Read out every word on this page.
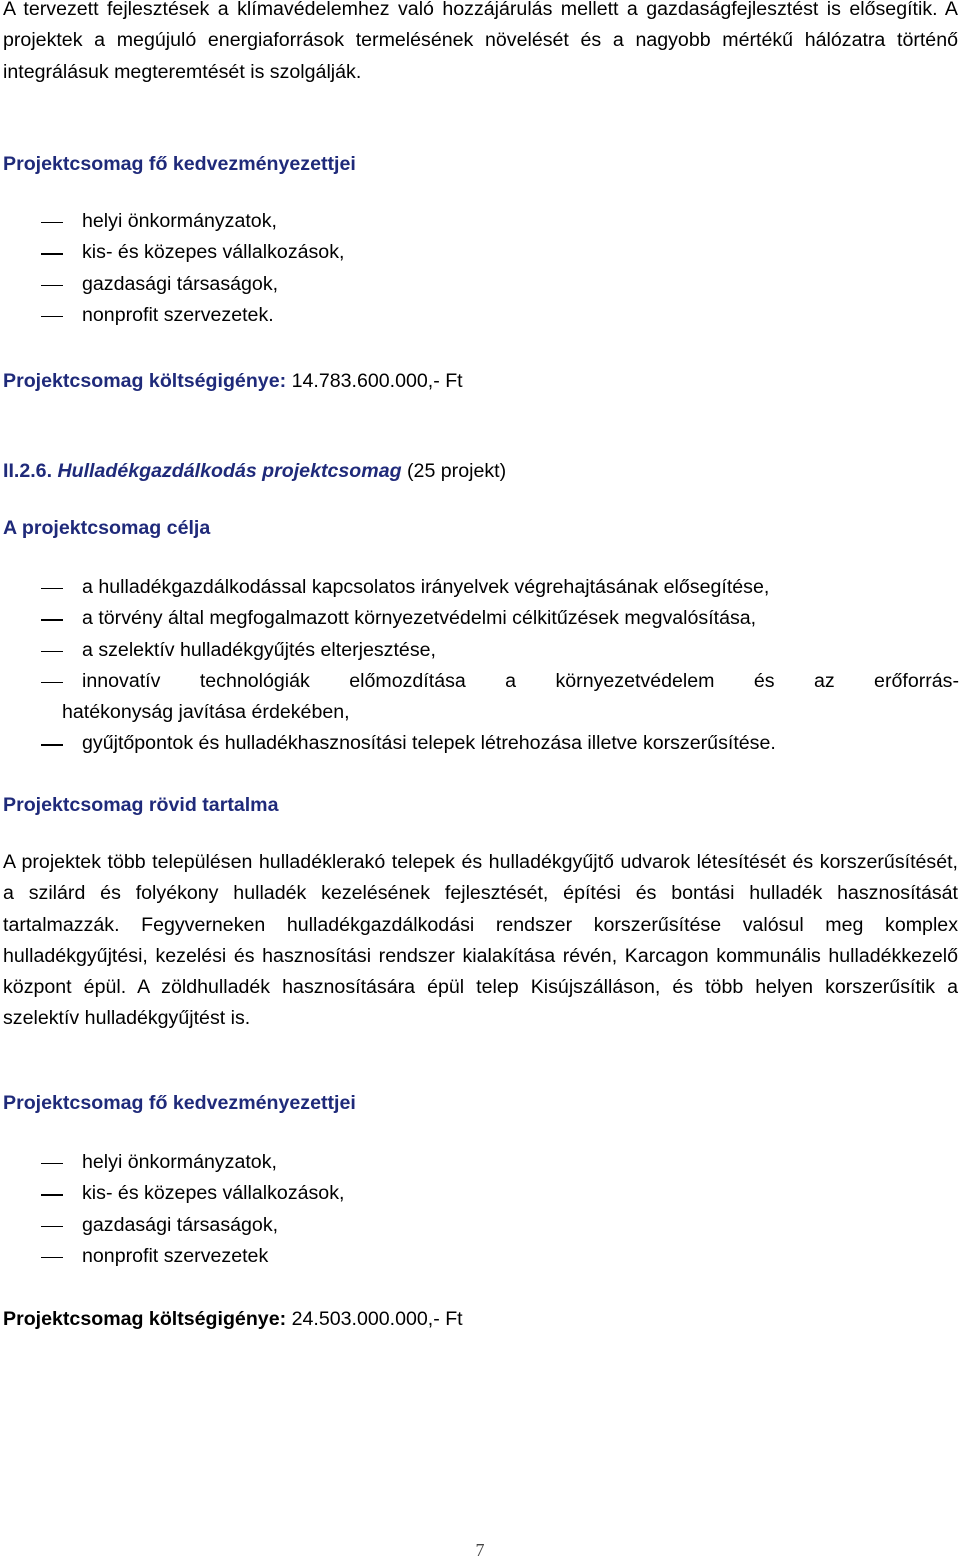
A tervezett fejlesztések a klímavédelemhez való hozzájárulás mellett a gazdaságfejlesztést is elősegítik. A projektek a megújuló energiaforrások termelésének növelését és a nagyobb mértékű hálózatra történő integrálásuk megteremtését is szolgálják.

Projektcsomag fő kedvezményezettjei
helyi önkormányzatok,
kis- és közepes vállalkozások,
gazdasági társaságok,
nonprofit szervezetek.
Projektcsomag költségigénye: 14.783.600.000,- Ft
II.2.6. Hulladékgazdálkodás projektcsomag (25 projekt)
A projektcsomag célja
a hulladékgazdálkodással kapcsolatos irányelvek végrehajtásának elősegítése,
a törvény által megfogalmazott környezetvédelmi célkitűzések megvalósítása,
a szelektív hulladékgyűjtés elterjesztése,
innovatív technológiák előmozdítása a környezetvédelem és az erőforrás-
hatékonyság javítása érdekében,
gyűjtőpontok és hulladékhasznosítási telepek létrehozása illetve korszerűsítése.
Projektcsomag rövid tartalma

A projektek több településen hulladéklerakó telepek és hulladékgyűjtő udvarok létesítését és korszerűsítését, a szilárd és folyékony hulladék kezelésének fejlesztését, építési és bontási hulladék hasznosítását tartalmazzák. Fegyverneken hulladékgazdálkodási rendszer korszerűsítése valósul meg komplex hulladékgyűjtési, kezelési és hasznosítási rendszer kialakítása révén, Karcagon kommunális hulladékkezelő központ épül. A zöldhulladék hasznosítására épül telep Kisújszálláson, és több helyen korszerűsítik a szelektív hulladékgyűjtést is.

Projektcsomag fő kedvezményezettjei
helyi önkormányzatok,
kis- és közepes vállalkozások,
gazdasági társaságok,
nonprofit szervezetek
Projektcsomag költségigénye: 24.503.000.000,- Ft
7
